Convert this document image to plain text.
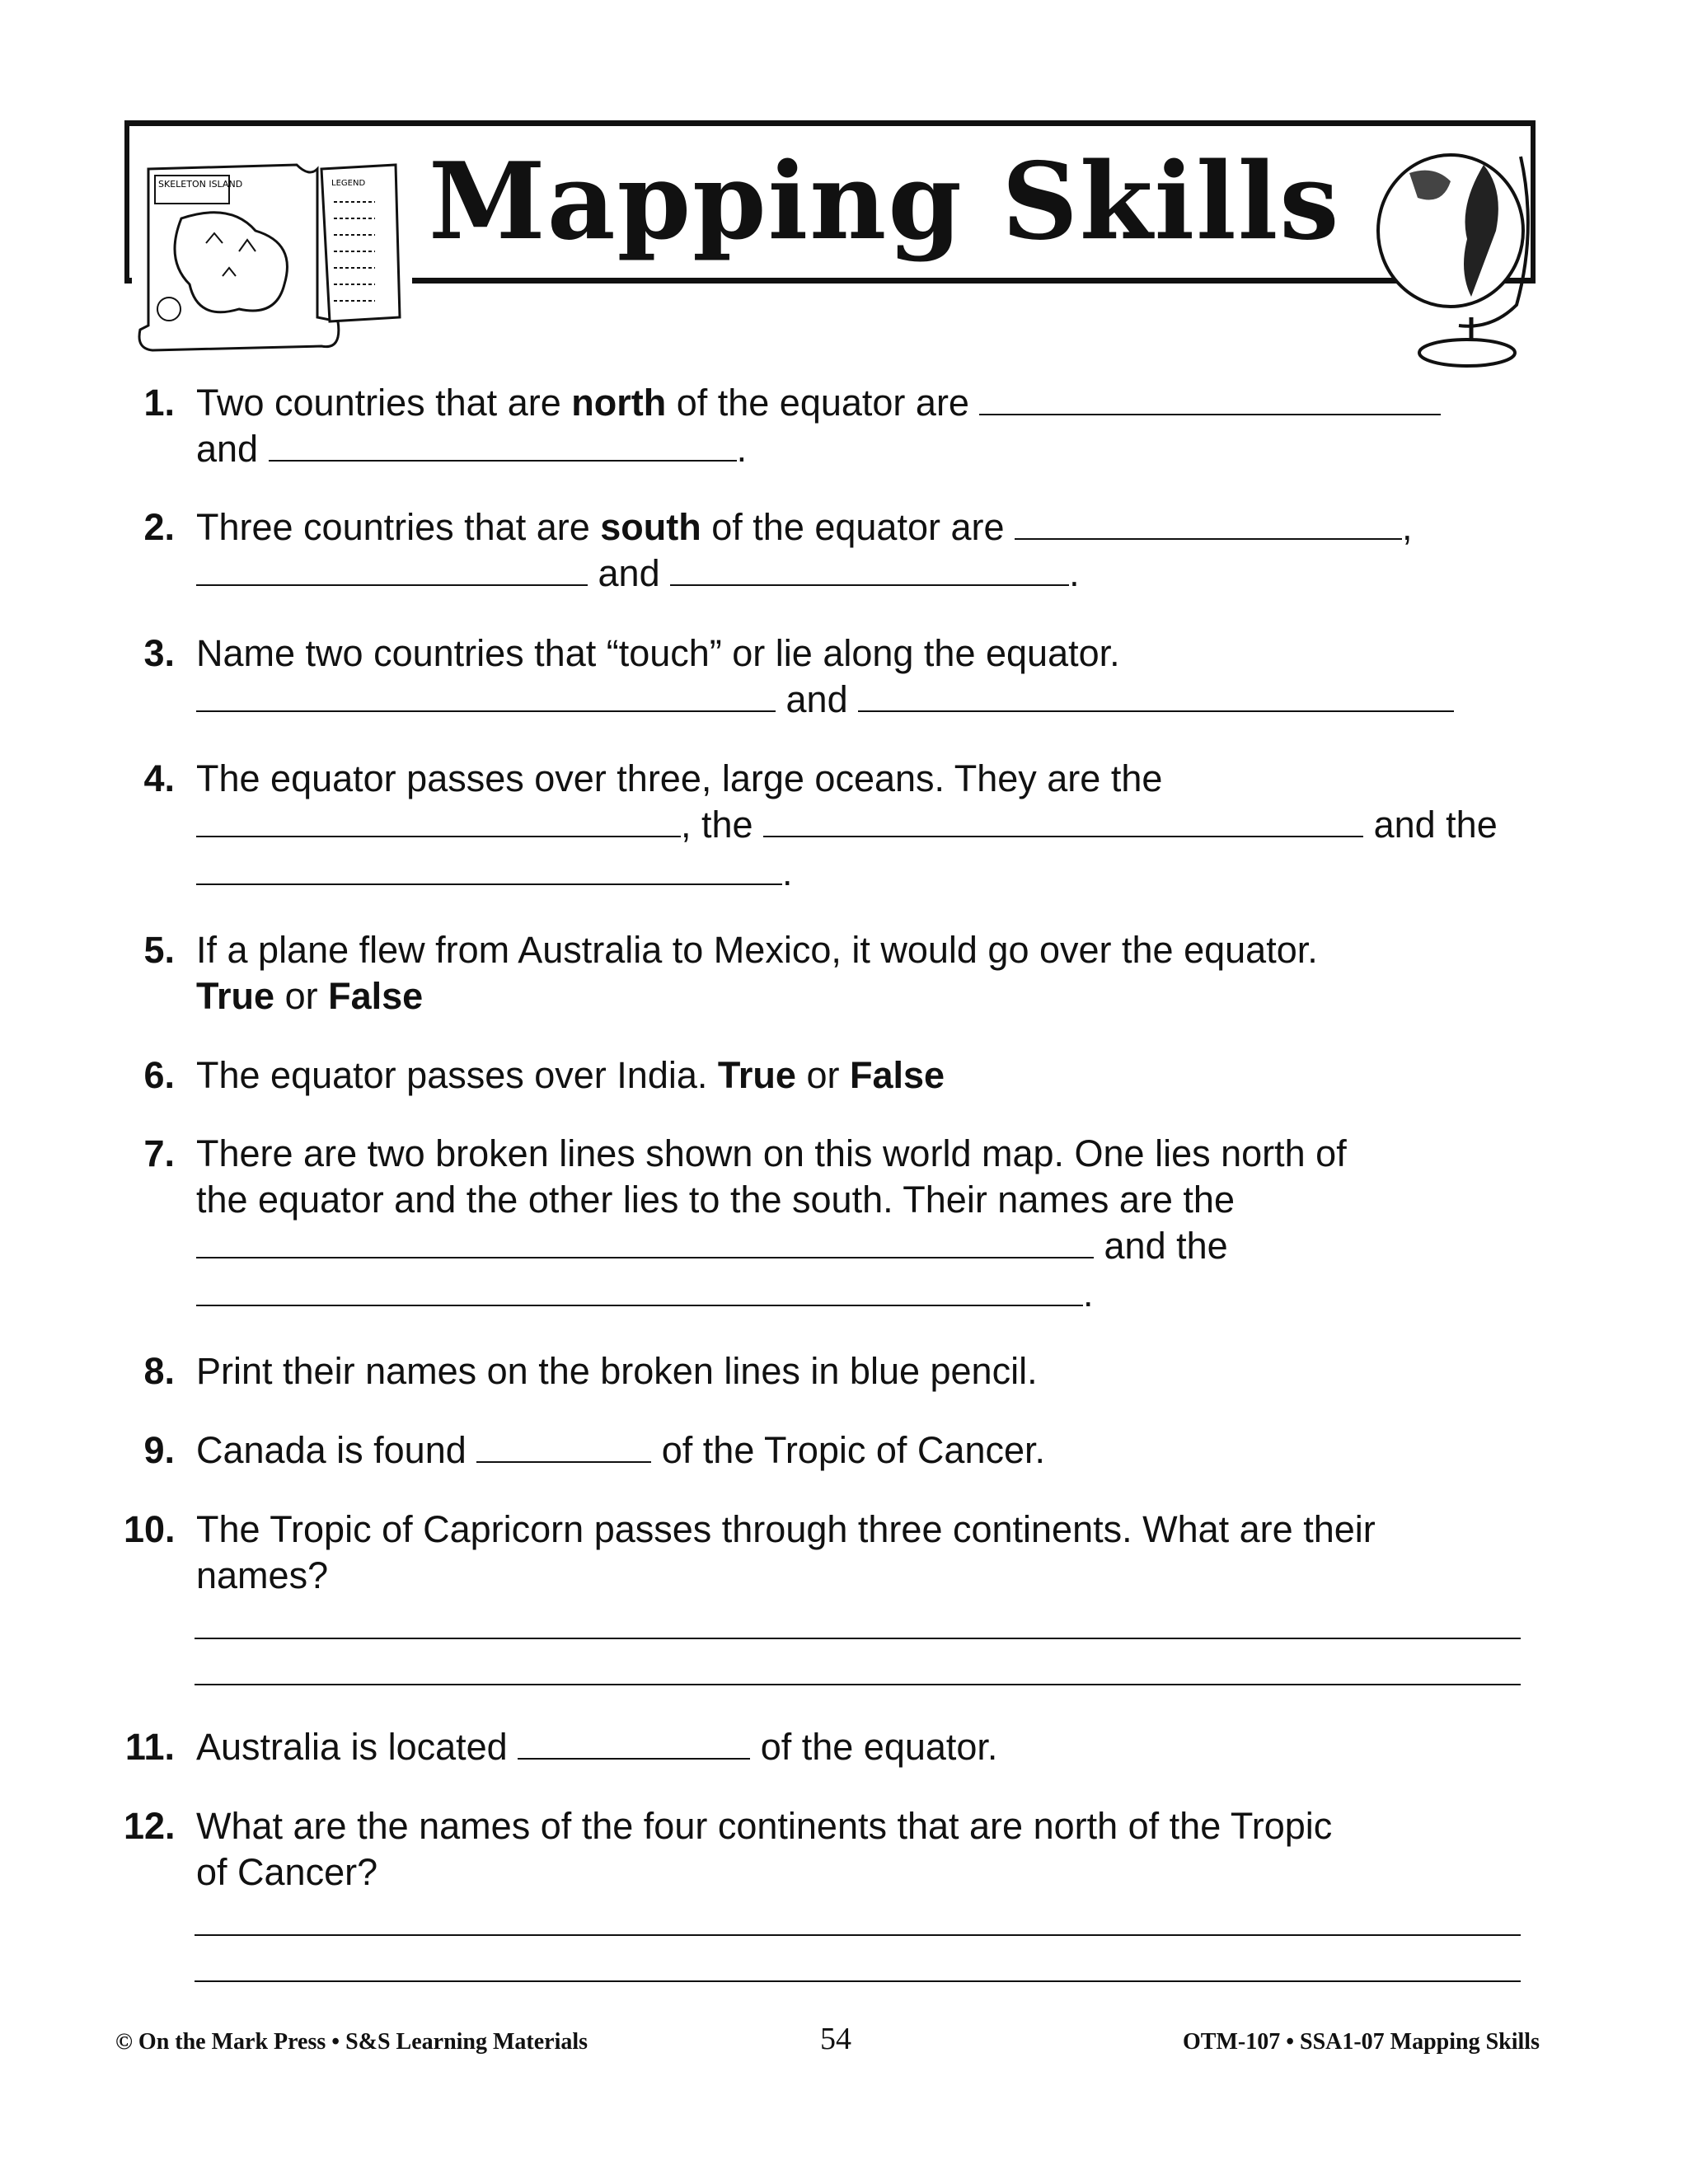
SKELETON ISLAND	LEGEND Mapping Skills
1. Two countries that are north of the equator are
and	.
2. Three countries that are south of the equator are	,
and	.
3. Name two countries that “touch” or lie along the equator.
and
4. The equator passes over three, large oceans. They are the
, the	and the
.
5. If a plane flew from Australia to Mexico, it would go over the equator.
True or False
6. The equator passes over India. True or False
7. There are two broken lines shown on this world map. One lies north of
the equator and the other lies to the south. Their names are the
and the
.
8. Print their names on the broken lines in blue pencil.
9. Canada is found	of the Tropic of Cancer.
10. The Tropic of Capricorn passes through three continents. What are their
names?
11. Australia is located	of the equator.
12. What are the names of the four continents that are north of the Tropic
of Cancer?
© On the Mark Press • S&S Learning Materials	54	OTM-107 • SSA1-07 Mapping Skills
